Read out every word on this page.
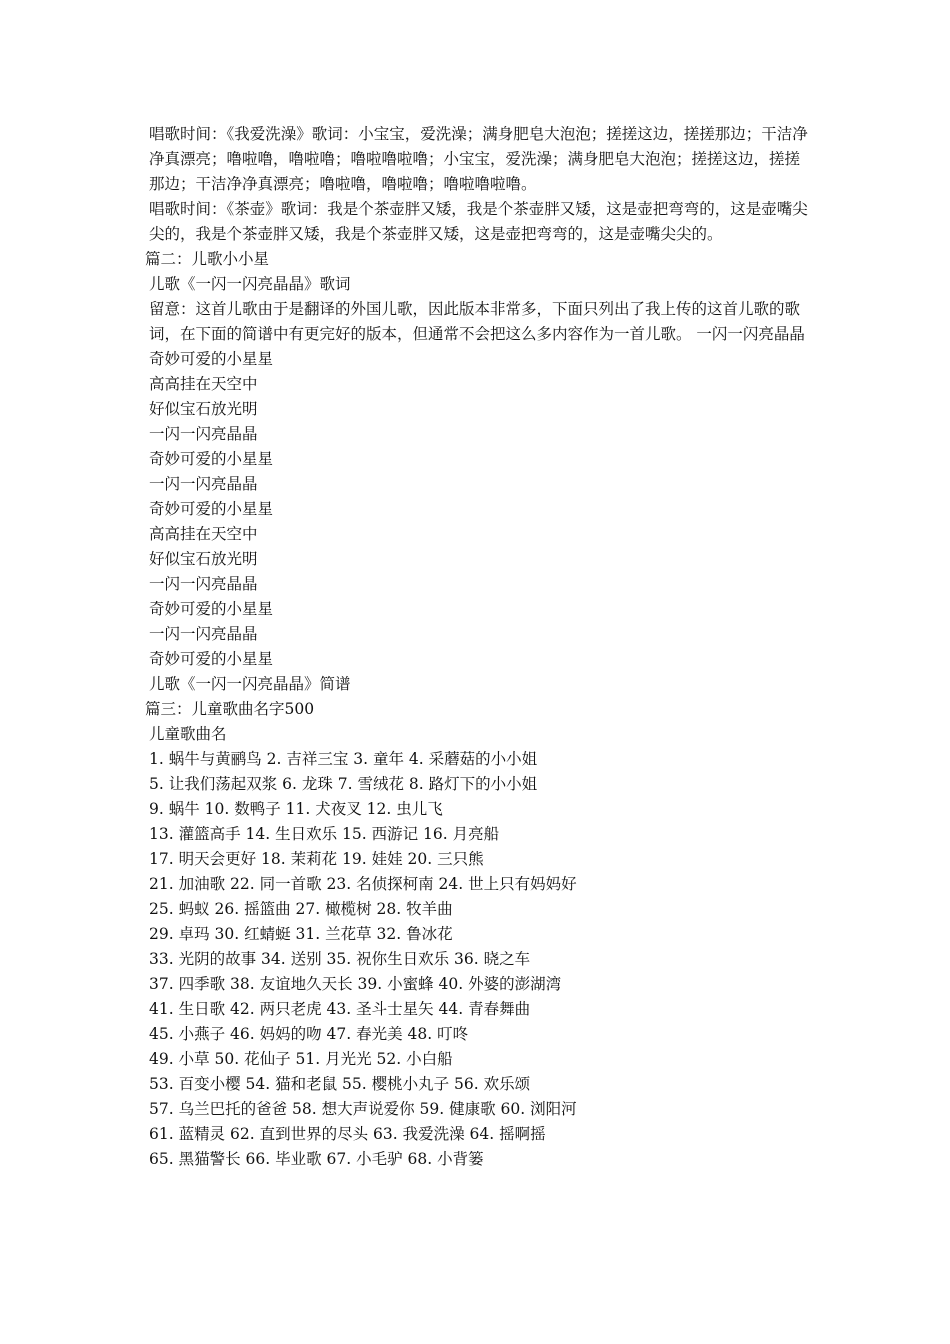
唱歌时间：《我爱洗澡》歌词：小宝宝，爱洗澡；满身肥皂大泡泡；搓搓这边，搓搓那边；干洁净净真漂亮；噜啦噜，噜啦噜；噜啦噜啦噜；小宝宝，爱洗澡；满身肥皂大泡泡；搓搓这边，搓搓那边；干洁净净真漂亮；噜啦噜，噜啦噜；噜啦噜啦噜。

唱歌时间：《茶壶》歌词：我是个茶壶胖又矮，我是个茶壶胖又矮，这是壶把弯弯的，这是壶嘴尖尖的，我是个茶壶胖又矮，我是个茶壶胖又矮，这是壶把弯弯的，这是壶嘴尖尖的。

篇二：儿歌小小星

儿歌《一闪一闪亮晶晶》歌词

留意：这首儿歌由于是翻译的外国儿歌，因此版本非常多，下面只列出了我上传的这首儿歌的歌词，在下面的简谱中有更完好的版本，但通常不会把这么多内容作为一首儿歌。 一闪一闪亮晶晶

奇妙可爱的小星星

高高挂在天空中

好似宝石放光明

一闪一闪亮晶晶

奇妙可爱的小星星

一闪一闪亮晶晶

奇妙可爱的小星星

高高挂在天空中

好似宝石放光明

一闪一闪亮晶晶

奇妙可爱的小星星

一闪一闪亮晶晶

奇妙可爱的小星星

儿歌《一闪一闪亮晶晶》简谱

篇三：儿童歌曲名字500

儿童歌曲名

1. 蜗牛与黄鹂鸟 2. 吉祥三宝 3. 童年 4. 采蘑菇的小小姐

5. 让我们荡起双浆 6. 龙珠 7. 雪绒花 8. 路灯下的小小姐

9. 蜗牛 10. 数鸭子 11. 犬夜叉 12. 虫儿飞

13. 灌篮高手 14. 生日欢乐 15. 西游记 16. 月亮船

17. 明天会更好 18. 茉莉花 19. 娃娃 20. 三只熊

21. 加油歌 22. 同一首歌 23. 名侦探柯南 24. 世上只有妈妈好

25. 蚂蚁 26. 摇篮曲 27. 橄榄树 28. 牧羊曲

29. 卓玛 30. 红蜻蜓 31. 兰花草 32. 鲁冰花

33. 光阴的故事 34. 送别 35. 祝你生日欢乐 36. 晓之车

37. 四季歌 38. 友谊地久天长 39. 小蜜蜂 40. 外婆的澎湖湾

41. 生日歌 42. 两只老虎 43. 圣斗士星矢 44. 青春舞曲

45. 小燕子 46. 妈妈的吻 47. 春光美 48. 叮咚

49. 小草 50. 花仙子 51. 月光光 52. 小白船

53. 百变小樱 54. 猫和老鼠 55. 樱桃小丸子 56. 欢乐颂

57. 乌兰巴托的爸爸 58. 想大声说爱你 59. 健康歌 60. 浏阳河

61. 蓝精灵 62. 直到世界的尽头 63. 我爱洗澡 64. 摇啊摇

65. 黑猫警长 66. 毕业歌 67. 小毛驴 68. 小背篓
